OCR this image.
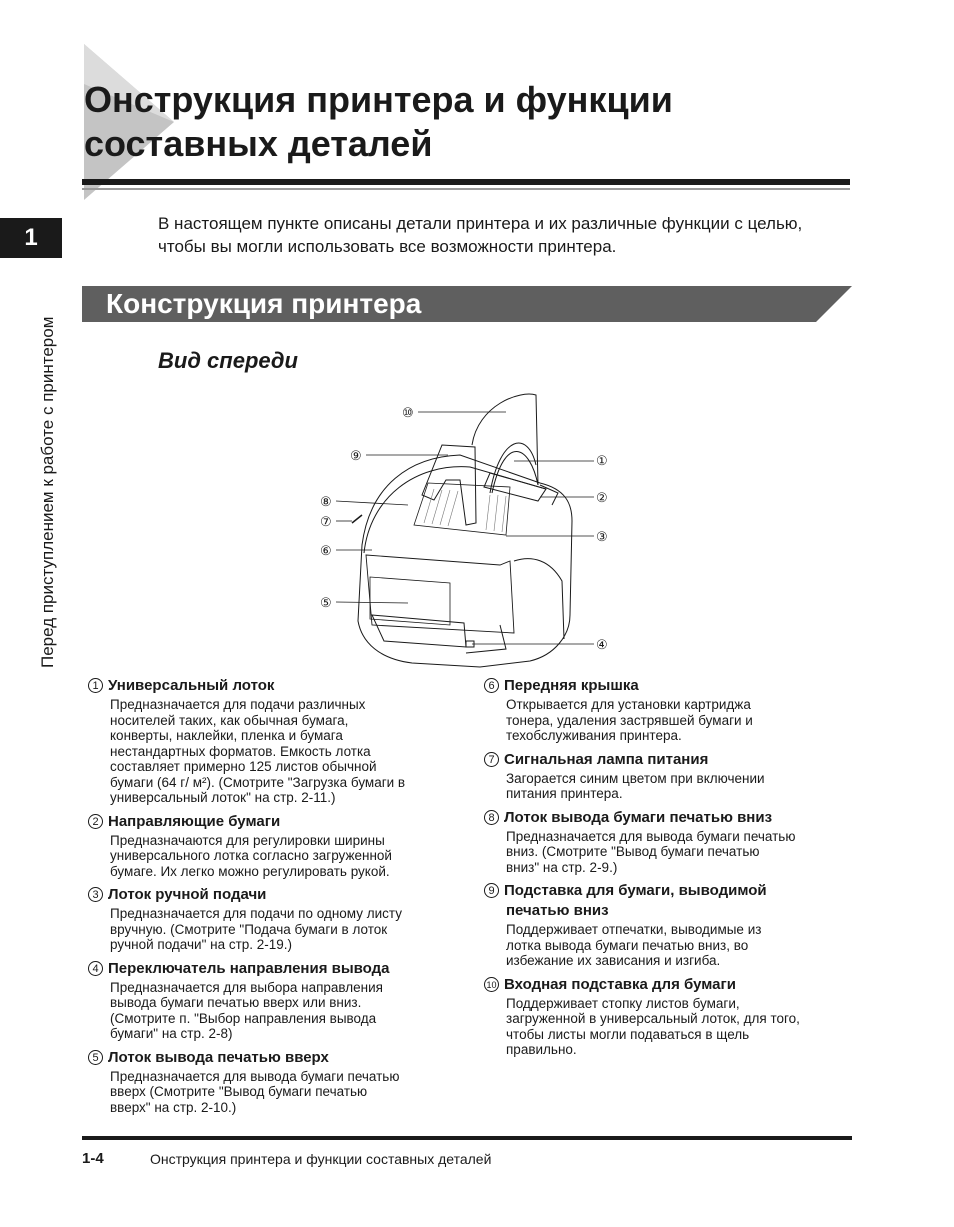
Онструкция принтера и функции
составных деталей
1
Перед приступлением к работе с принтером

В настоящем пункте описаны детали принтера и их различные функции с целью, чтобы вы могли использовать все возможности принтера.

Конструкция принтера
Вид спереди
⑩
⑨
⑧
⑦
⑥
⑤
①
②
③
④

1 Универсальный лоток

Предназначается для подачи различных
носителей таких, как обычная бумага,
конверты, наклейки, пленка и бумага
нестандартных форматов. Емкость лотка
составляет примерно 125 листов обычной
бумаги (64 г/ м²). (Смотрите "Загрузка бумаги в
универсальный лоток" на стр. 2-11.)

2 Направляющие бумаги

Предназначаются для регулировки ширины
универсального лотка согласно загруженной
бумаге. Их легко можно регулировать рукой.

3 Лоток ручной подачи

Предназначается для подачи по одному листу
вручную. (Смотрите "Подача бумаги в лоток
ручной подачи" на стр. 2-19.)

4 Переключатель направления вывода

Предназначается для выбора направления
вывода бумаги печатью вверх или вниз.
(Смотрите п. "Выбор направления вывода
бумаги" на стр. 2-8)

5 Лоток вывода печатью вверх

Предназначается для вывода бумаги печатью
вверх (Смотрите "Вывод бумаги печатью
вверх" на стр. 2-10.)

6 Передняя крышка

Открывается для установки картриджа
тонера, удаления застрявшей бумаги и
техобслуживания принтера.

7 Сигнальная лампа питания

Загорается синим цветом при включении
питания принтера.

8 Лоток вывода бумаги печатью вниз

Предназначается для вывода бумаги печатью
вниз. (Смотрите "Вывод бумаги печатью
вниз" на стр. 2-9.)

9 Подставка для бумаги, выводимой

печатью вниз

Поддерживает отпечатки, выводимые из
лотка вывода бумаги печатью вниз, во
избежание их зависания и изгиба.

10 Входная подставка для бумаги

Поддерживает стопку листов бумаги,
загруженной в универсальный лоток, для того,
чтобы листы могли подаваться в щель
правильно.
1-4	Онструкция принтера и функции составных деталей
